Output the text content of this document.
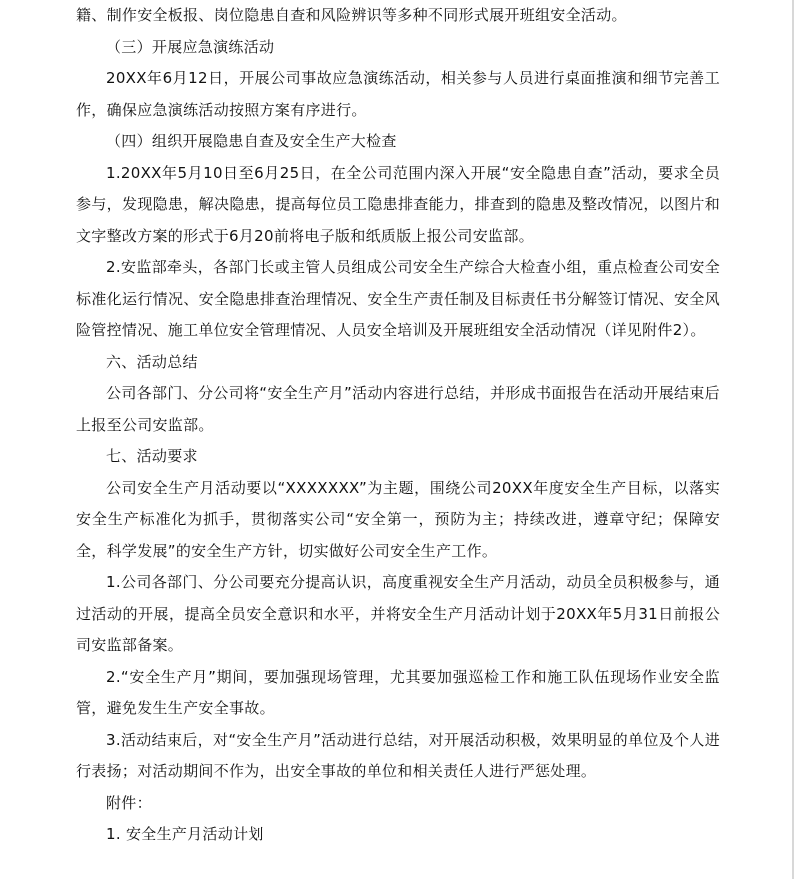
籍、制作安全板报、岗位隐患自查和风险辨识等多种不同形式展开班组安全活动。

（三）开展应急演练活动

20XX年6月12日，开展公司事故应急演练活动，相关参与人员进行桌面推演和细节完善工作，确保应急演练活动按照方案有序进行。

（四）组织开展隐患自查及安全生产大检查

1.20XX年5月10日至6月25日，在全公司范围内深入开展“安全隐患自查”活动，要求全员参与，发现隐患，解决隐患，提高每位员工隐患排查能力，排查到的隐患及整改情况，以图片和文字整改方案的形式于6月20前将电子版和纸质版上报公司安监部。

2.安监部牵头，各部门长或主管人员组成公司安全生产综合大检查小组，重点检查公司安全标准化运行情况、安全隐患排查治理情况、安全生产责任制及目标责任书分解签订情况、安全风险管控情况、施工单位安全管理情况、人员安全培训及开展班组安全活动情况（详见附件2）。

六、活动总结

公司各部门、分公司将“安全生产月”活动内容进行总结，并形成书面报告在活动开展结束后上报至公司安监部。

七、活动要求

公司安全生产月活动要以“XXXXXXX”为主题，围绕公司20XX年度安全生产目标，以落实安全生产标准化为抓手，贯彻落实公司“安全第一，预防为主；持续改进，遵章守纪；保障安全，科学发展”的安全生产方针，切实做好公司安全生产工作。

1.公司各部门、分公司要充分提高认识，高度重视安全生产月活动，动员全员积极参与，通过活动的开展，提高全员安全意识和水平，并将安全生产月活动计划于20XX年5月31日前报公司安监部备案。

2.“安全生产月”期间，要加强现场管理，尤其要加强巡检工作和施工队伍现场作业安全监管，避免发生生产安全事故。

3.活动结束后，对“安全生产月”活动进行总结，对开展活动积极，效果明显的单位及个人进行表扬；对活动期间不作为，出安全事故的单位和相关责任人进行严惩处理。

附件：

1. 安全生产月活动计划
